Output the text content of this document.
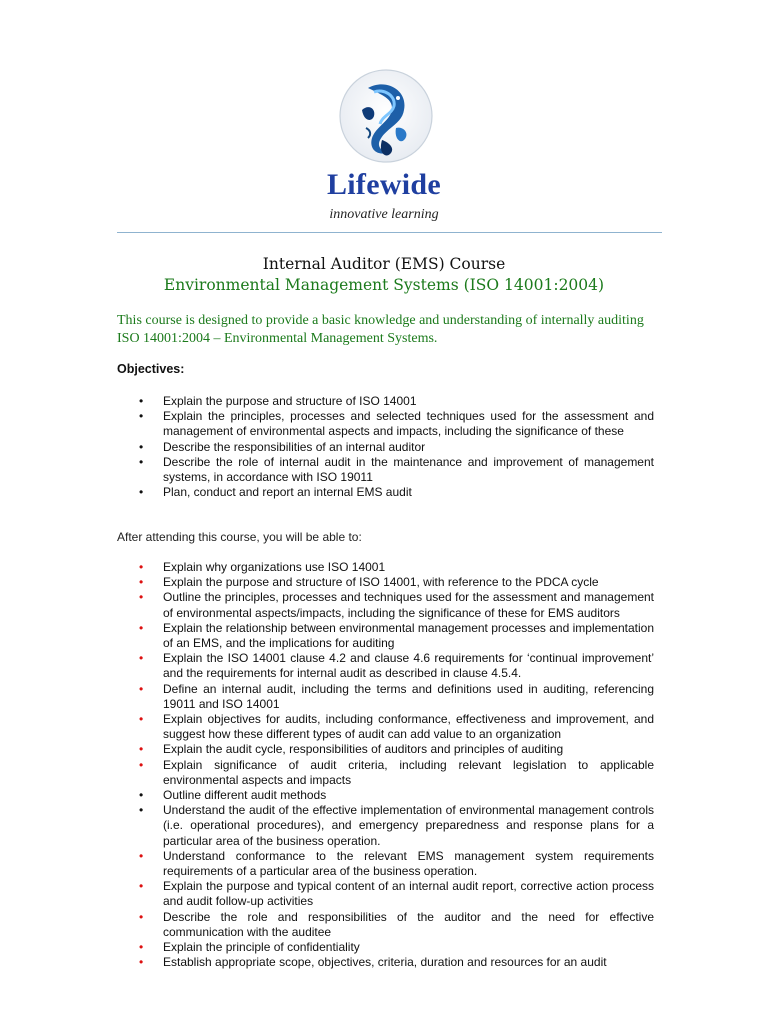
Lifewide
innovative learning
Internal Auditor (EMS) Course
Environmental Management Systems (ISO 14001:2004)
This course is designed to provide a basic knowledge and understanding of internally auditing ISO 14001:2004 – Environmental Management Systems.
Objectives:
•	Explain the purpose and structure of ISO 14001
•	Explain the principles, processes and selected techniques used for the assessment and management of environmental aspects and impacts, including the significance of these
•	Describe the responsibilities of an internal auditor
•	Describe the role of internal audit in the maintenance and improvement of management systems, in accordance with ISO 19011
•	Plan, conduct and report an internal EMS audit
After attending this course, you will be able to:
•	Explain why organizations use ISO 14001
•	Explain the purpose and structure of ISO 14001, with reference to the PDCA cycle
•	Outline the principles, processes and techniques used for the assessment and management of environmental aspects/impacts, including the significance of these for EMS auditors
•	Explain the relationship between environmental management processes and implementation of an EMS, and the implications for auditing
•	Explain the ISO 14001 clause 4.2 and clause 4.6 requirements for ‘continual improvement’ and the requirements for internal audit as described in clause 4.5.4.
•	Define an internal audit, including the terms and definitions used in auditing, referencing 19011 and ISO 14001
•	Explain objectives for audits, including conformance, effectiveness and improvement, and suggest how these different types of audit can add value to an organization
•	Explain the audit cycle, responsibilities of auditors and principles of auditing
•	Explain significance of audit criteria, including relevant legislation to applicable environmental aspects and impacts
•	Outline different audit methods
•	Understand the audit of the effective implementation of environmental management controls (i.e. operational procedures), and emergency preparedness and response plans for a particular area of the business operation.
•	Understand conformance to the relevant EMS management system requirements requirements of a particular area of the business operation.
•	Explain the purpose and typical content of an internal audit report, corrective action process and audit follow-up activities
•	Describe the role and responsibilities of the auditor and the need for effective communication with the auditee
•	Explain the principle of confidentiality
•	Establish appropriate scope, objectives, criteria, duration and resources for an audit
